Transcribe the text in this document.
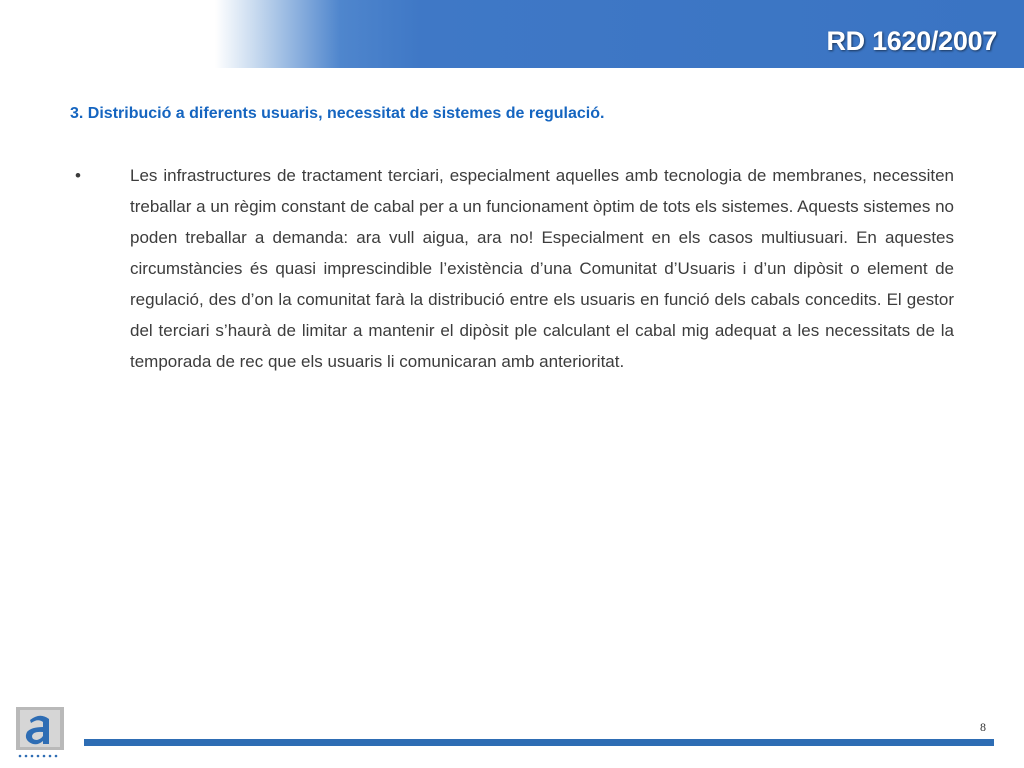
RD 1620/2007
3. Distribució a diferents usuaris, necessitat de sistemes de regulació.
•	Les infrastructures de tractament terciari, especialment aquelles amb tecnologia de membranes, necessiten treballar a un règim constant de cabal per a un funcionament òptim de tots els sistemes. Aquests sistemes no poden treballar a demanda: ara vull aigua, ara no! Especialment en els casos multiusuari. En aquestes circumstàncies és quasi imprescindible l’existència d’una Comunitat d’Usuaris i d’un dipòsit o element de regulació, des d’on la comunitat farà la distribució entre els usuaris en funció dels cabals concedits. El gestor del terciari s’haurà de limitar a mantenir el dipòsit ple calculant el cabal mig adequat a les necessitats de la temporada de rec que els usuaris li comunicaran amb anterioritat.

8
